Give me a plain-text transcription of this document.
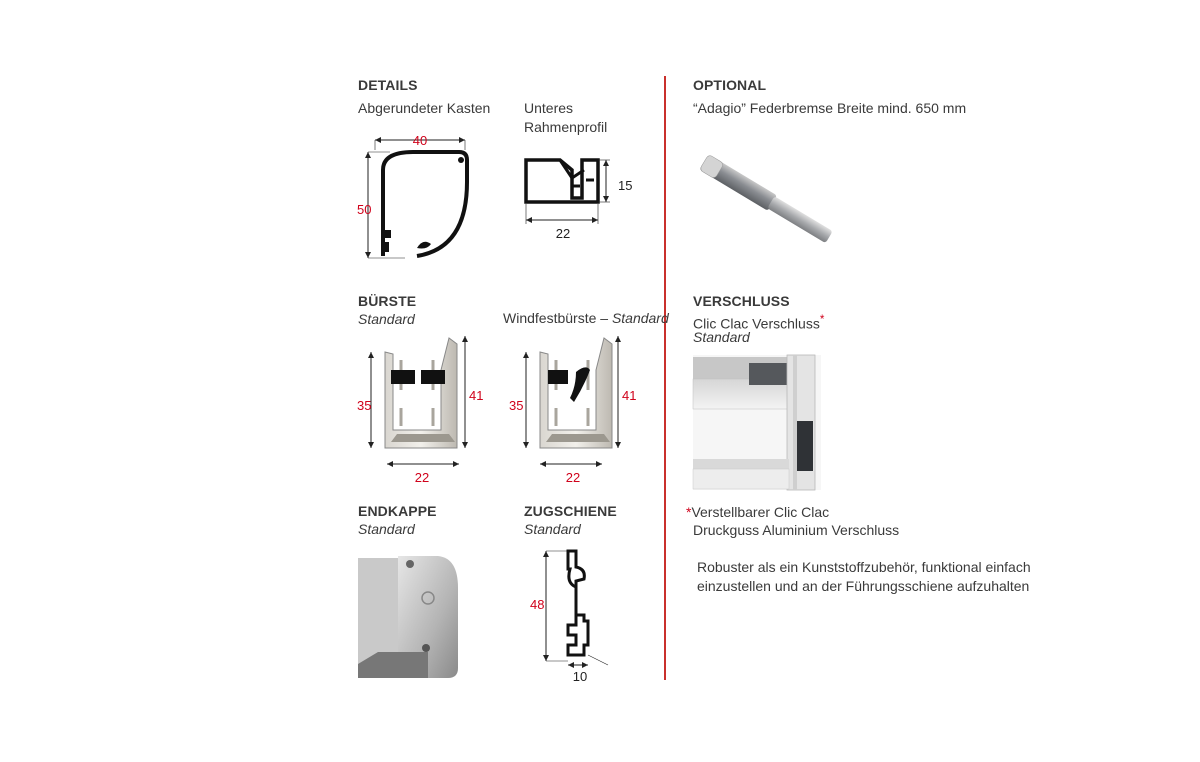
DETAILS
Abgerundeter Kasten Unteres
Rahmenprofil
40
50
15
22
OPTIONAL
“Adagio” Federbremse Breite mind. 650 mm
BÜRSTE
Standard	Windfestbürste – Standard
35
41
22
35
41
22
VERSCHLUSS
Clic Clac Verschluss*
Standard
ENDKAPPE
Standard
ZUGSCHIENE
Standard
48
10
*Verstellbarer Clic Clac
Druckguss Aluminium Verschluss
Robuster als ein Kunststoffzubehör, funktional einfach
einzustellen und an der Führungsschiene aufzuhalten
